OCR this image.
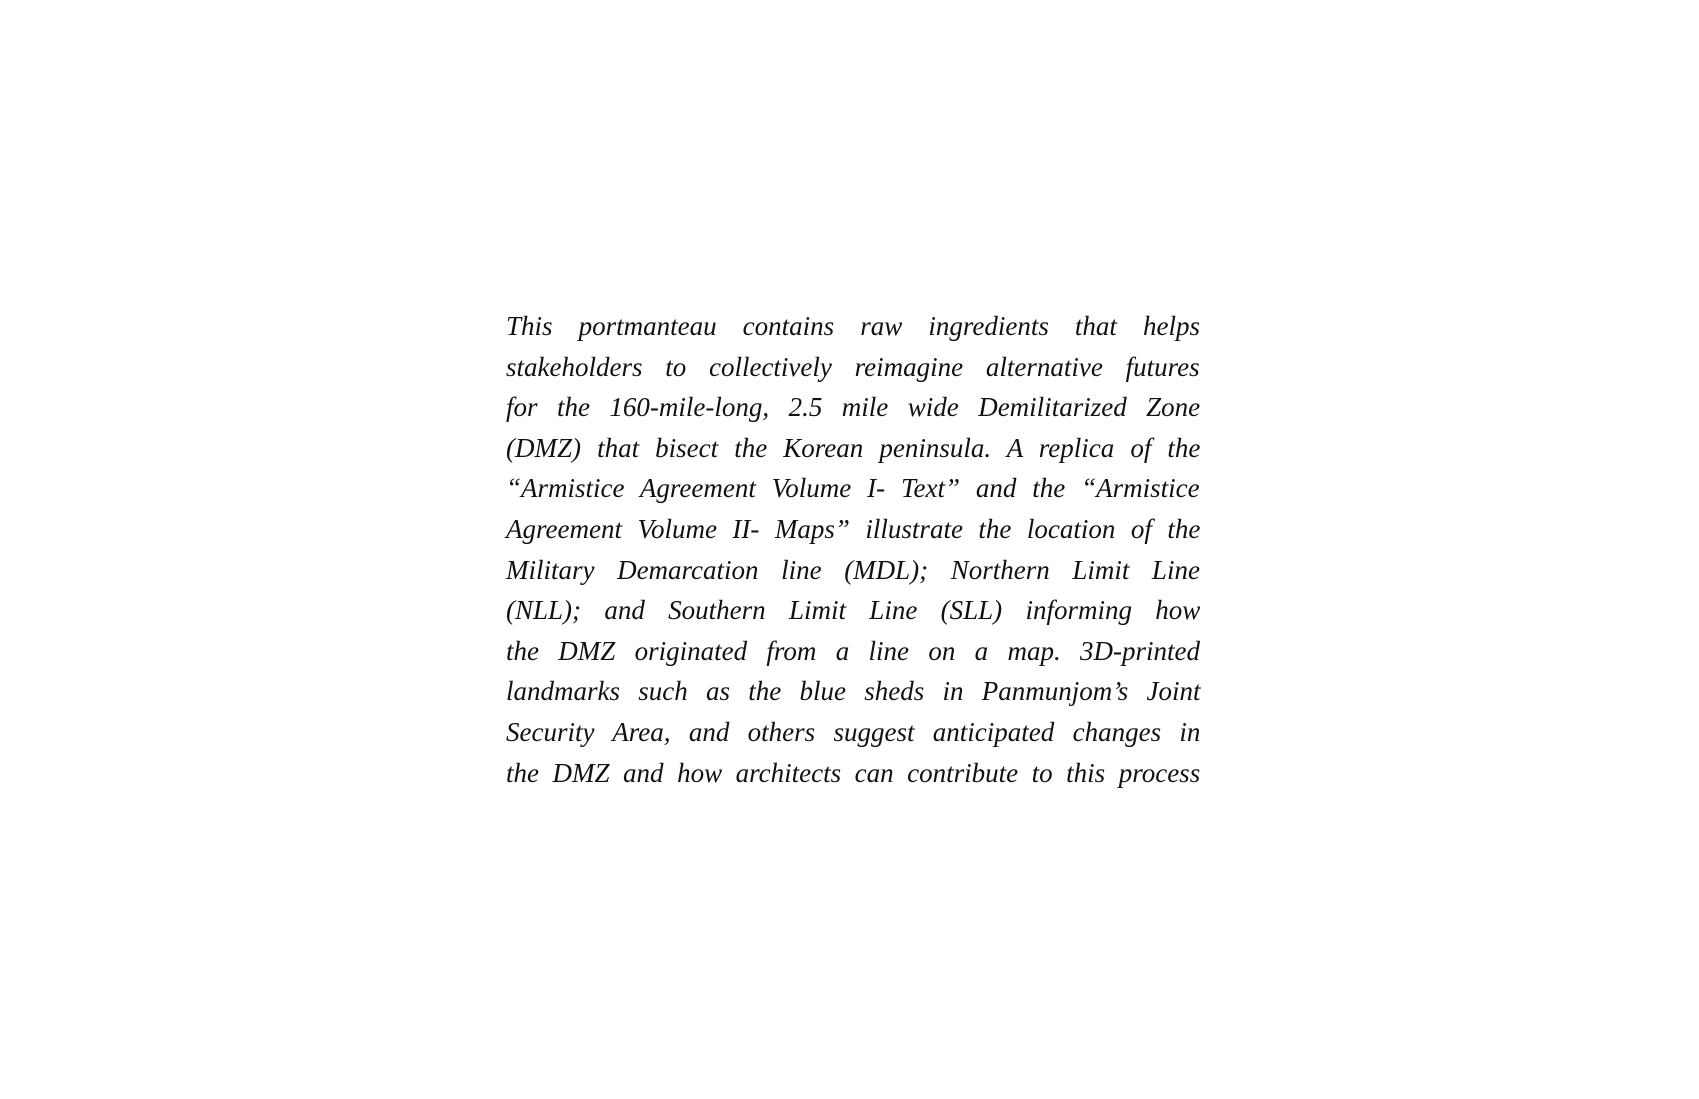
This portmanteau contains raw ingredients that helps
stakeholders to collectively reimagine alternative futures
for the 160-mile-long, 2.5 mile wide Demilitarized Zone
(DMZ) that bisect the Korean peninsula. A replica of the
“Armistice Agreement Volume I- Text” and the “Armistice
Agreement Volume II- Maps” illustrate the location of the
Military Demarcation line (MDL); Northern Limit Line
(NLL); and Southern Limit Line (SLL) informing how
the DMZ originated from a line on a map. 3D-printed
landmarks such as the blue sheds in Panmunjom’s Joint
Security Area, and others suggest anticipated changes in
the DMZ and how architects can contribute to this process
